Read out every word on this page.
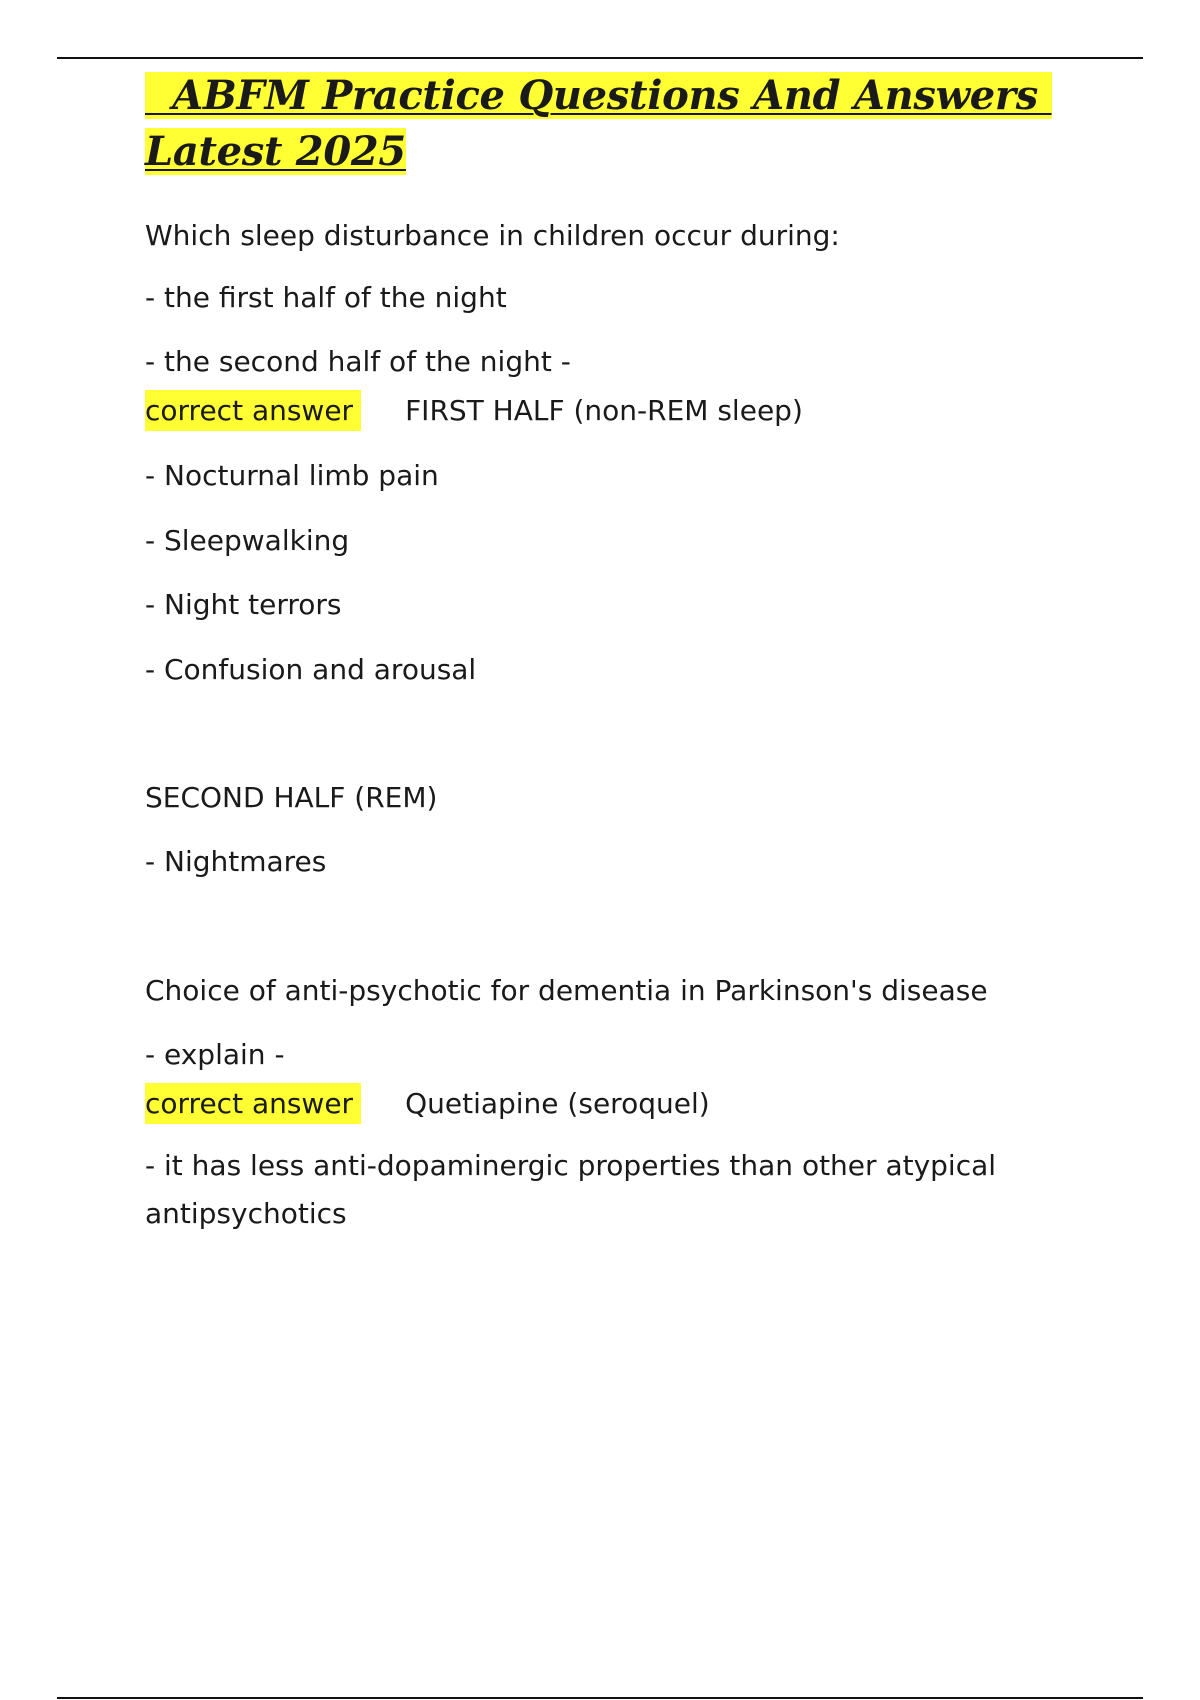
ABFM Practice Questions And Answers
Latest 2025

Which sleep disturbance in children occur during:

- the first half of the night

- the second half of the night -

correct answer FIRST HALF (non-REM sleep)

- Nocturnal limb pain

- Sleepwalking

- Night terrors

- Confusion and arousal

SECOND HALF (REM)

- Nightmares

Choice of anti-psychotic for dementia in Parkinson's disease

- explain -

correct answer Quetiapine (seroquel)

- it has less anti-dopaminergic properties than other atypical antipsychotics
